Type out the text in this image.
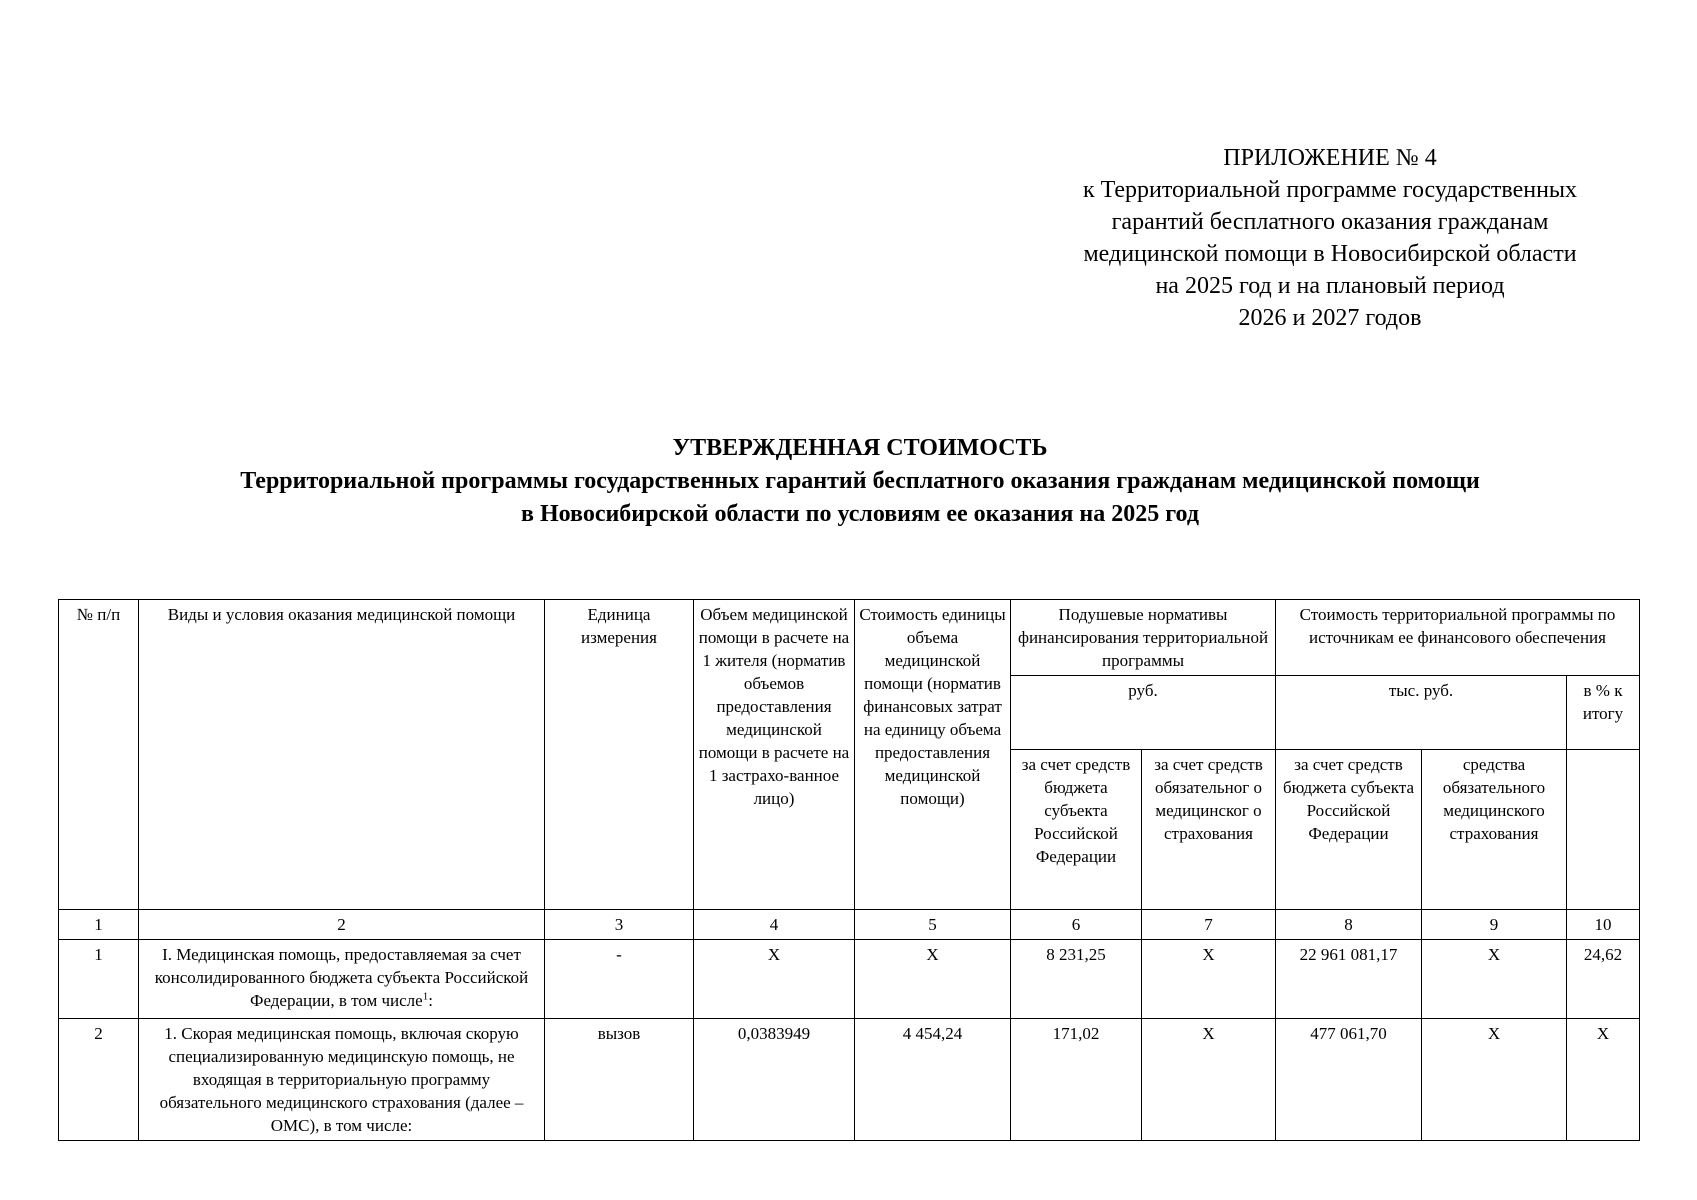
ПРИЛОЖЕНИЕ № 4
к Территориальной программе государственных
гарантий бесплатного оказания гражданам
медицинской помощи в Новосибирской области
на 2025 год и на плановый период
2026 и 2027 годов
УТВЕРЖДЕННАЯ СТОИМОСТЬ
Территориальной программы государственных гарантий бесплатного оказания гражданам медицинской помощи
в Новосибирской области по условиям ее оказания на 2025 год
№ п/п	Виды и условия оказания медицинской помощи	Единица измерения	Объем медицинской помощи в расчете на 1 жителя (норматив объемов предоставления медицинской помощи в расчете на 1 застрахо-ванное лицо)	Стоимость единицы объема медицинской помощи (норматив финансовых затрат на единицу объема предоставления медицинской помощи)	Подушевые нормативы финансирования территориальной программы		Стоимость территориальной программы по источникам ее финансового обеспечения		
					руб.		тыс. руб.		в % к итогу
					за счет средств бюджета субъекта Российской Федерации	за счет средств обязательног о медицинског о страхования	за счет средств бюджета субъекта Российской Федерации	средства обязательного медицинского страхования	
1	2	3	4	5	6	7	8	9	10
1	I. Медицинская помощь, предоставляемая за счет консолидированного бюджета субъекта Российской Федерации, в том числе$^1$:	-	Х	Х	8 231,25	Х	22 961 081,17	Х	24,62
2	1. Скорая медицинская помощь, включая скорую специализированную медицинскую помощь, не входящая в территориальную программу обязательного медицинского страхования (далее – ОМС), в том числе:	вызов	0,0383949	4 454,24	171,02	Х	477 061,70	Х	Х
